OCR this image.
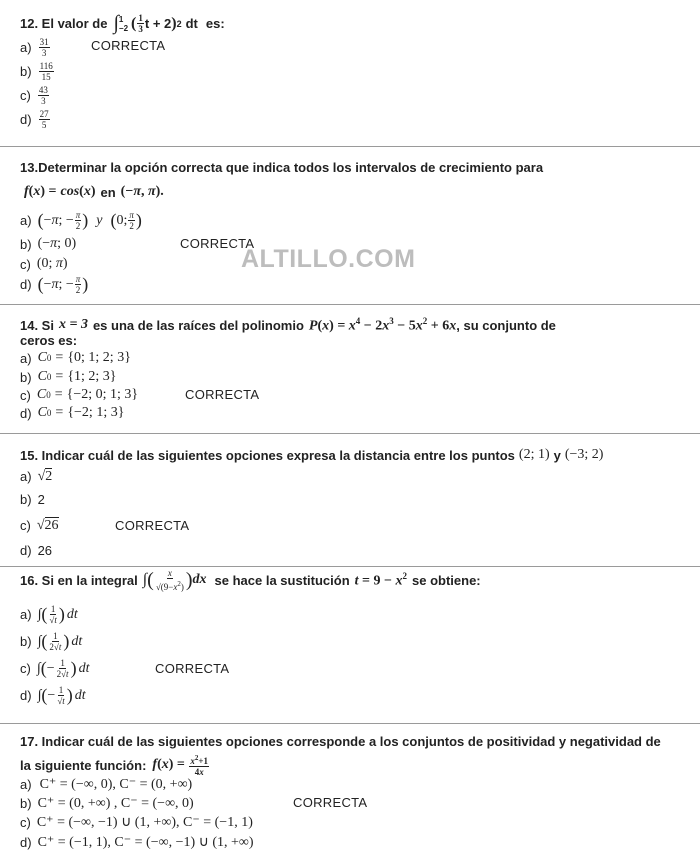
12. El valor de ∫ 1
−2 ( $\frac{1}{3}$ t + 2 ) 2 dt es:
$a) \frac{31}{3}$	CORRECTA
$b) \frac{116}{15}$
$c) \frac{43}{3}$
$d) \frac{27}{5}$
13.Determinar la opción correcta que indica todos los intervalos de crecimiento para
f ( x ) = cos ( x ) en (−π, π).
a) ( −π; − $\frac{\pi}{2}$ ) y ( 0; $\frac{\pi}{2}$ )
b) (−π; 0)	CORRECTA
c) (0; π)
d) ( −π; − $\frac{\pi}{2}$ )
14. Si x = 3 es una de las raíces del polinomio $P(x) = x^4 - 2x^3 - 5x^2 + 6x$ , su conjunto de
ceros es:
a) C 0 = {0; 1; 2; 3}
b) C 0 = {1; 2; 3}
c) C 0 = {−2; 0; 1; 3}	CORRECTA
d) C 0 = {−2; 1; 3}
15. Indicar cuál de las siguientes opciones expresa la distancia entre los puntos (2; 1) y (−3; 2)
a) √ 2
b) 2
c) √ 26	CORRECTA
d) 26
16. Si en la integral ∫ ( $\frac{x}{√(9-x^2)}$ ) dx se hace la sustitución $t = 9 - x^2$ se obtiene:
a) ∫ ( $\frac{1}{√t}$ ) dt
b) ∫ ( $\frac{1}{2√t}$ ) dt
c) ∫ ( − $\frac{1}{2√t}$ ) dt	CORRECTA
d) ∫ ( − $\frac{1}{√t}$ ) dt
17. Indicar cuál de las siguientes opciones corresponde a los conjuntos de positividad y negatividad de
la siguiente función: f ( x ) = $\frac{x^2+1}{4x}$
a) C⁺ = (−∞, 0), C⁻ = (0, +∞)
b) C⁺ = (0, +∞) , C⁻ = (−∞, 0)	CORRECTA
c) C⁺ = (−∞, −1) ∪ (1, +∞), C⁻ = (−1, 1)
d) C⁺ = (−1, 1), C⁻ = (−∞, −1) ∪ (1, +∞)
ALTILLO.COM
